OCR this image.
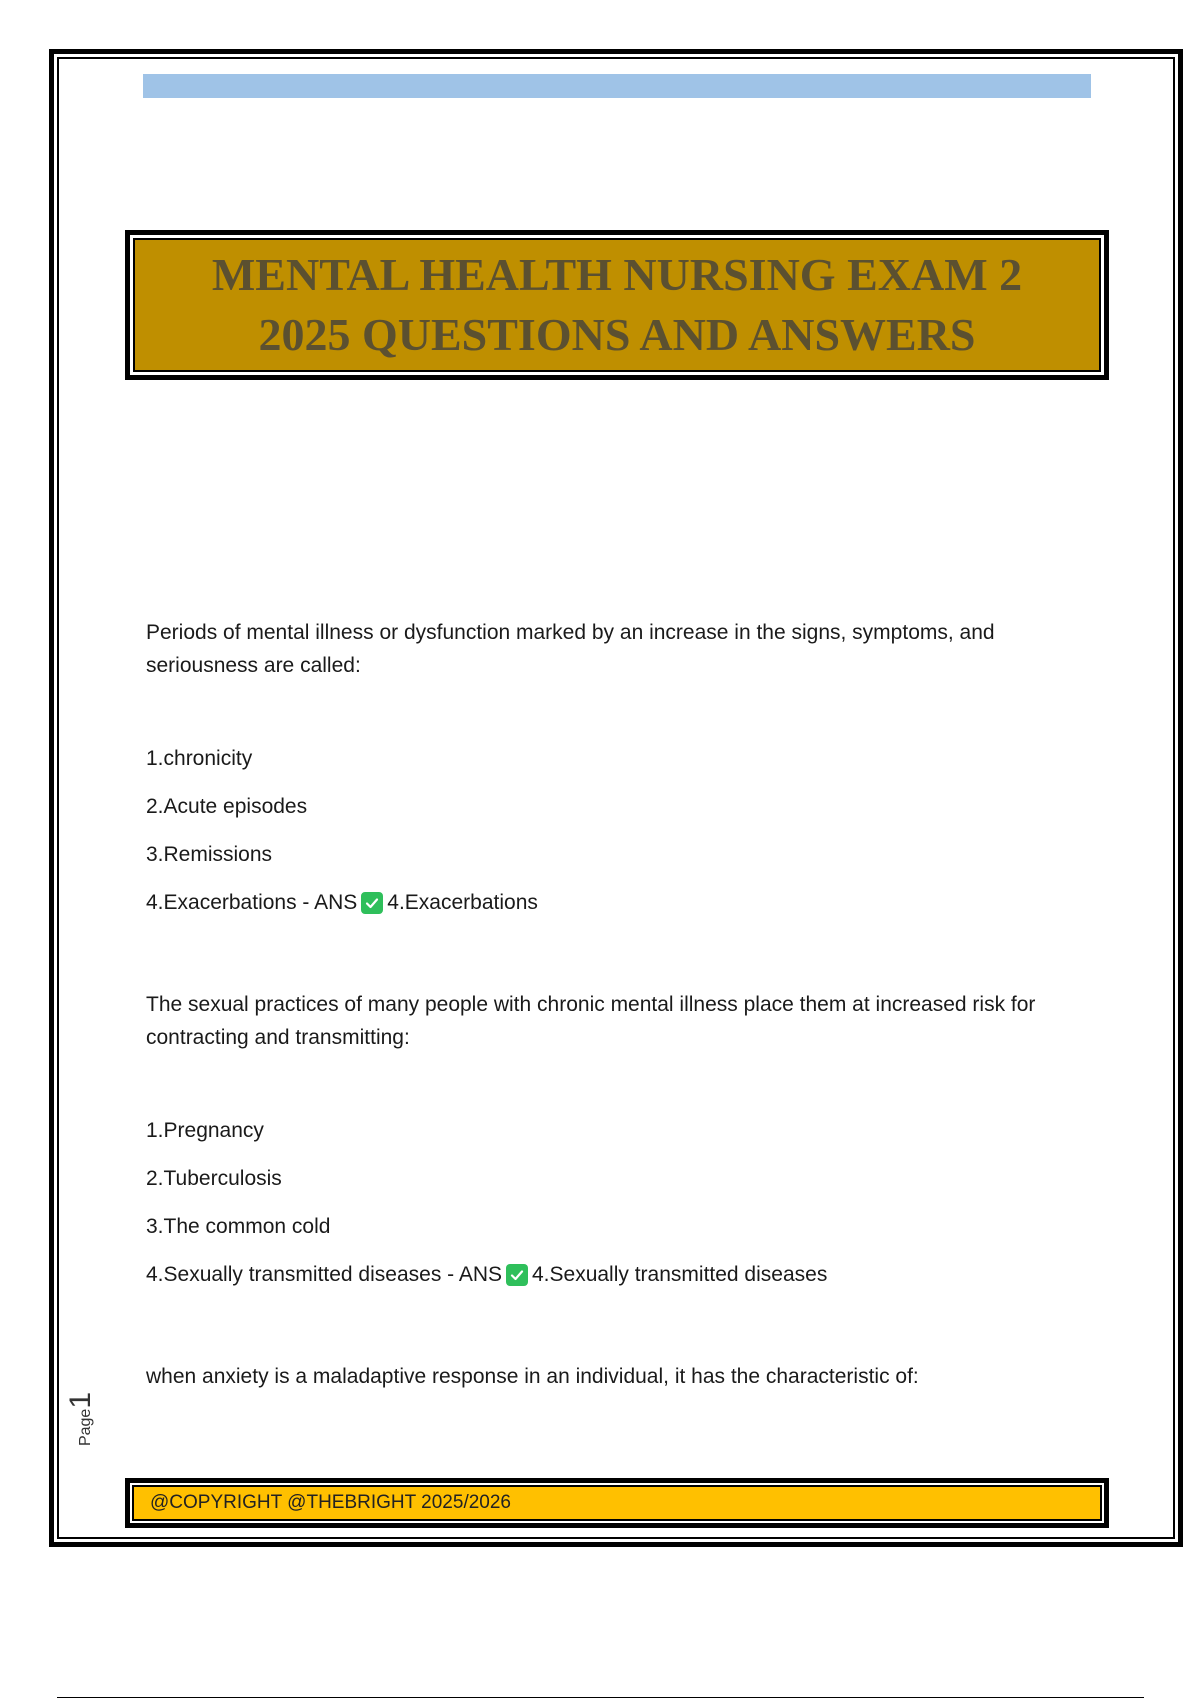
MENTAL HEALTH NURSING EXAM 2

2025 QUESTIONS AND ANSWERS

Periods of mental illness or dysfunction marked by an increase in the signs, symptoms, and seriousness are called:

1.chronicity
2.Acute episodes
3.Remissions
4.Exacerbations - ANS 4.Exacerbations

The sexual practices of many people with chronic mental illness place them at increased risk for contracting and transmitting:

1.Pregnancy
2.Tuberculosis
3.The common cold
4.Sexually transmitted diseases - ANS 4.Sexually transmitted diseases

when anxiety is a maladaptive response in an individual, it has the characteristic of:

Page1
@COPYRIGHT @THEBRIGHT 2025/2026
